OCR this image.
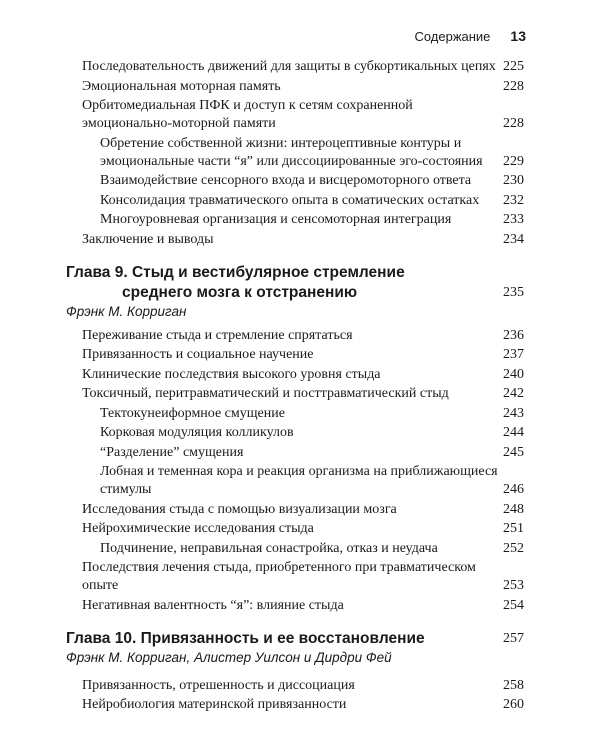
Содержание 13
Последовательность движений для защиты в субкортикальных цепях 225
Эмоциональная моторная память	228
Орбитомедиальная ПФК и доступ к сетям сохраненной эмоционально-моторной памяти	228
Обретение собственной жизни: интероцептивные контуры и эмоциональные части “я” или диссоциированные эго-состояния 229
Взаимодействие сенсорного входа и висцеромоторного ответа 230
Консолидация травматического опыта в соматических остатках 232
Многоуровневая организация и сенсомоторная интеграция	233
Заключение и выводы	234
Глава 9. Стыд и вестибулярное стремление
среднего мозга к отстранению	235
Фрэнк М. Корриган
Переживание стыда и стремление спрятаться	236
Привязанность и социальное научение	237
Клинические последствия высокого уровня стыда	240
Токсичный, перитравматический и посттравматический стыд	242
Тектокунеиформное смущение	243
Корковая модуляция колликулов	244
“Разделение” смущения	245
Лобная и теменная кора и реакция организма на приближающиеся стимулы	246
Исследования стыда с помощью визуализации мозга	248
Нейрохимические исследования стыда	251
Подчинение, неправильная сонастройка, отказ и неудача	252
Последствия лечения стыда, приобретенного при травматическом опыте	253
Негативная валентность “я”: влияние стыда	254
Глава 10. Привязанность и ее восстановление	257
Фрэнк М. Корриган, Алистер Уилсон и Дирдри Фей
Привязанность, отрешенность и диссоциация	258
Нейробиология материнской привязанности	260
